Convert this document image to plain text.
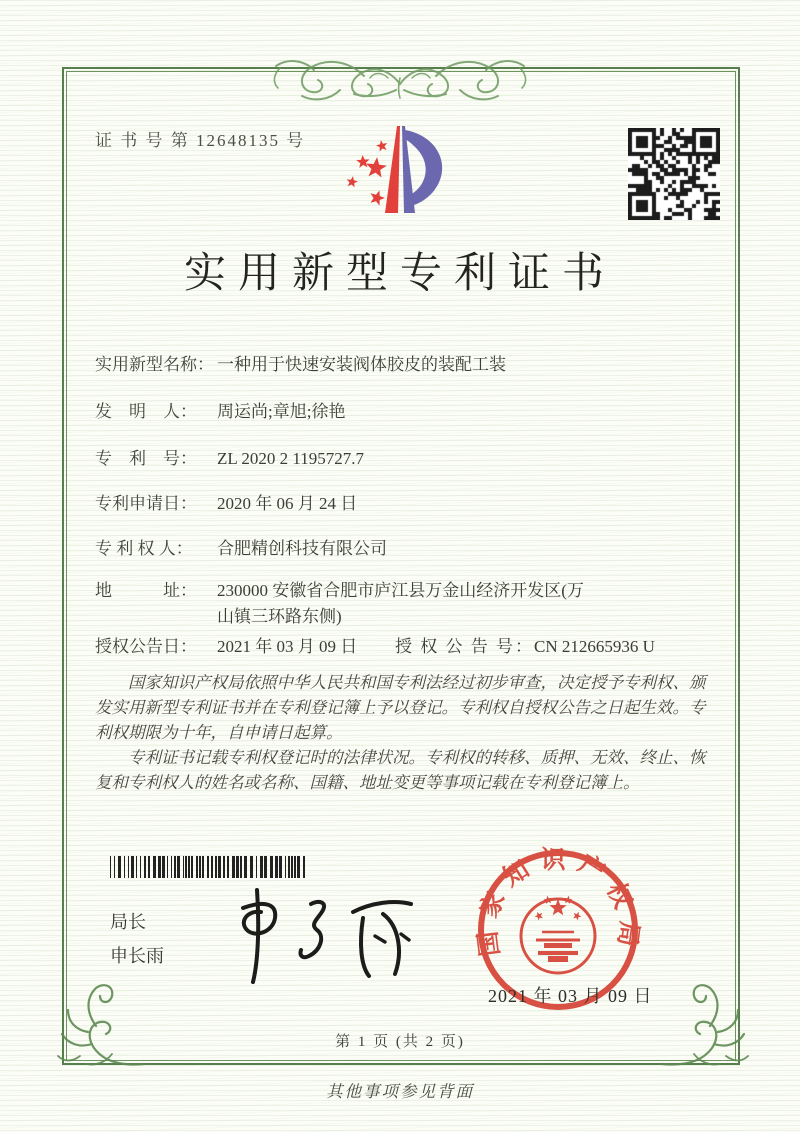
证 书 号 第 12648135 号
实用新型专利证书
实用新型名称： 一种用于快速安装阀体胶皮的装配工装
发　明　人：	周运尚;章旭;徐艳
专　利　号：	ZL 2020 2 1195727.7
专利申请日：	2020 年 06 月 24 日
专 利 权 人：	合肥精创科技有限公司
地　　　址：	230000 安徽省合肥市庐江县万金山经济开发区(万山镇三环路东侧)
授权公告日：	2021 年 03 月 09 日	授 权 公 告 号： CN 212665936 U

国家知识产权局依照中华人民共和国专利法经过初步审查，决定授予专利权、颁发实用新型专利证书并在专利登记簿上予以登记。专利权自授权公告之日起生效。专利权期限为十年，自申请日起算。

专利证书记载专利权登记时的法律状况。专利权的转移、质押、无效、终止、恢复和专利权人的姓名或名称、国籍、地址变更等事项记载在专利登记簿上。

局长
申长雨	国家知识产权局
2021 年 03 月 09 日
第 1 页 (共 2 页)
其他事项参见背面
